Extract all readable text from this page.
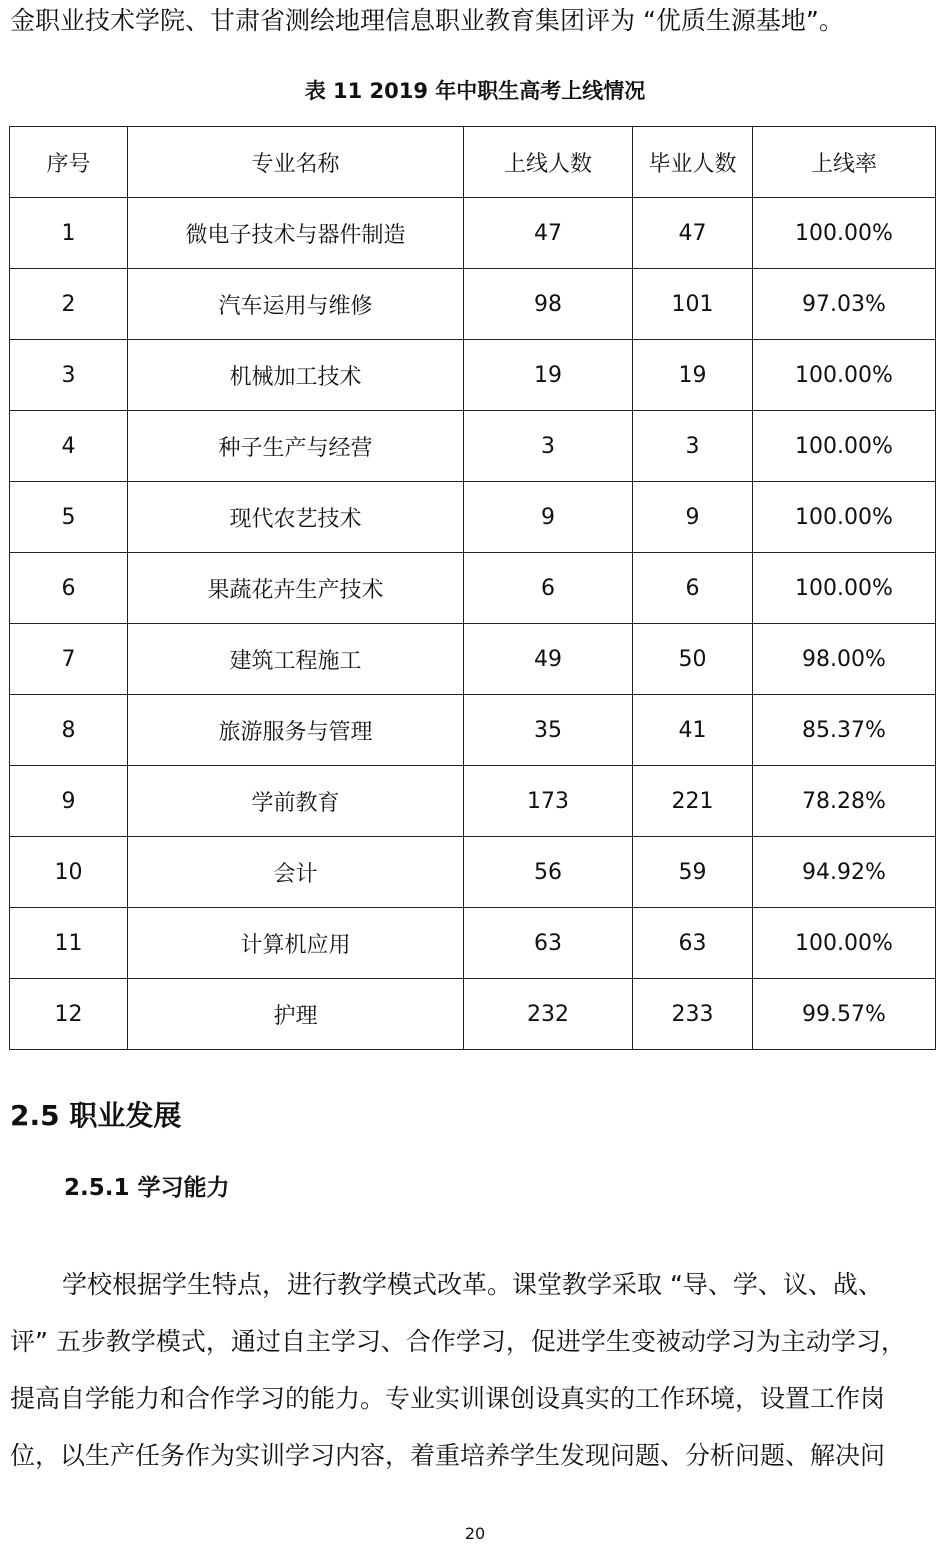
金职业技术学院、甘肃省测绘地理信息职业教育集团评为 “优质生源基地”。
表 11 2019 年中职生高考上线情况
序号	专业名称	上线人数	毕业人数	上线率
1	微电子技术与器件制造	47	47	100.00%
2	汽车运用与维修	98	101	97.03%
3	机械加工技术	19	19	100.00%
4	种子生产与经营	3	3	100.00%
5	现代农艺技术	9	9	100.00%
6	果蔬花卉生产技术	6	6	100.00%
7	建筑工程施工	49	50	98.00%
8	旅游服务与管理	35	41	85.37%
9	学前教育	173	221	78.28%
10	会计	56	59	94.92%
11	计算机应用	63	63	100.00%
12	护理	232	233	99.57%
2.5 职业发展
2.5.1 学习能力
学校根据学生特点，进行教学模式改革。课堂教学采取 “导、学、议、战、
评” 五步教学模式，通过自主学习、合作学习，促进学生变被动学习为主动学习，
提高自学能力和合作学习的能力。专业实训课创设真实的工作环境，设置工作岗
位，以生产任务作为实训学习内容，着重培养学生发现问题、分析问题、解决问
20
